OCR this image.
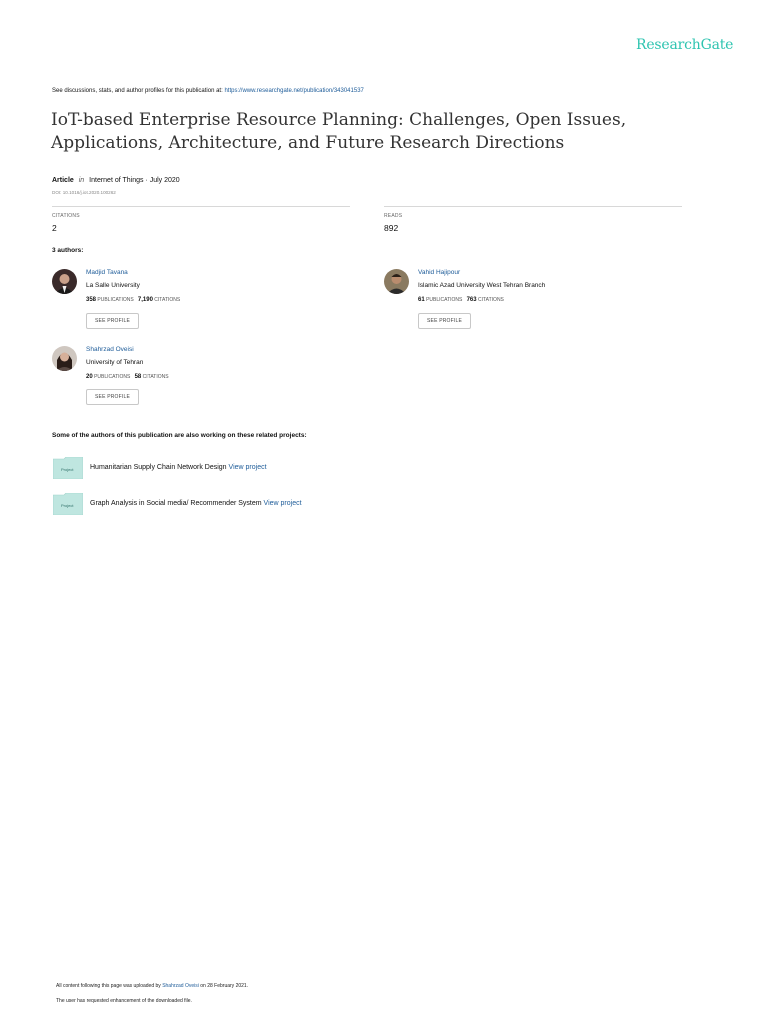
ResearchGate
See discussions, stats, and author profiles for this publication at: https://www.researchgate.net/publication/343041537
IoT-based Enterprise Resource Planning: Challenges, Open Issues, Applications, Architecture, and Future Research Directions
Article in Internet of Things · July 2020
DOI: 10.1016/j.iot.2020.100262
CITATIONS
2
READS
892
3 authors:
Madjid Tavana
La Salle University
358 PUBLICATIONS 7,190 CITATIONS
SEE PROFILE
Vahid Hajipour
Islamic Azad University West Tehran Branch
61 PUBLICATIONS 763 CITATIONS
SEE PROFILE
Shahrzad Oveisi
University of Tehran
20 PUBLICATIONS 58 CITATIONS
SEE PROFILE
Some of the authors of this publication are also working on these related projects:
Project Humanitarian Supply Chain Network Design View project
Project Graph Analysis in Social media/ Recommender System View project
All content following this page was uploaded by Shahrzad Oveisi on 28 February 2021.
The user has requested enhancement of the downloaded file.
